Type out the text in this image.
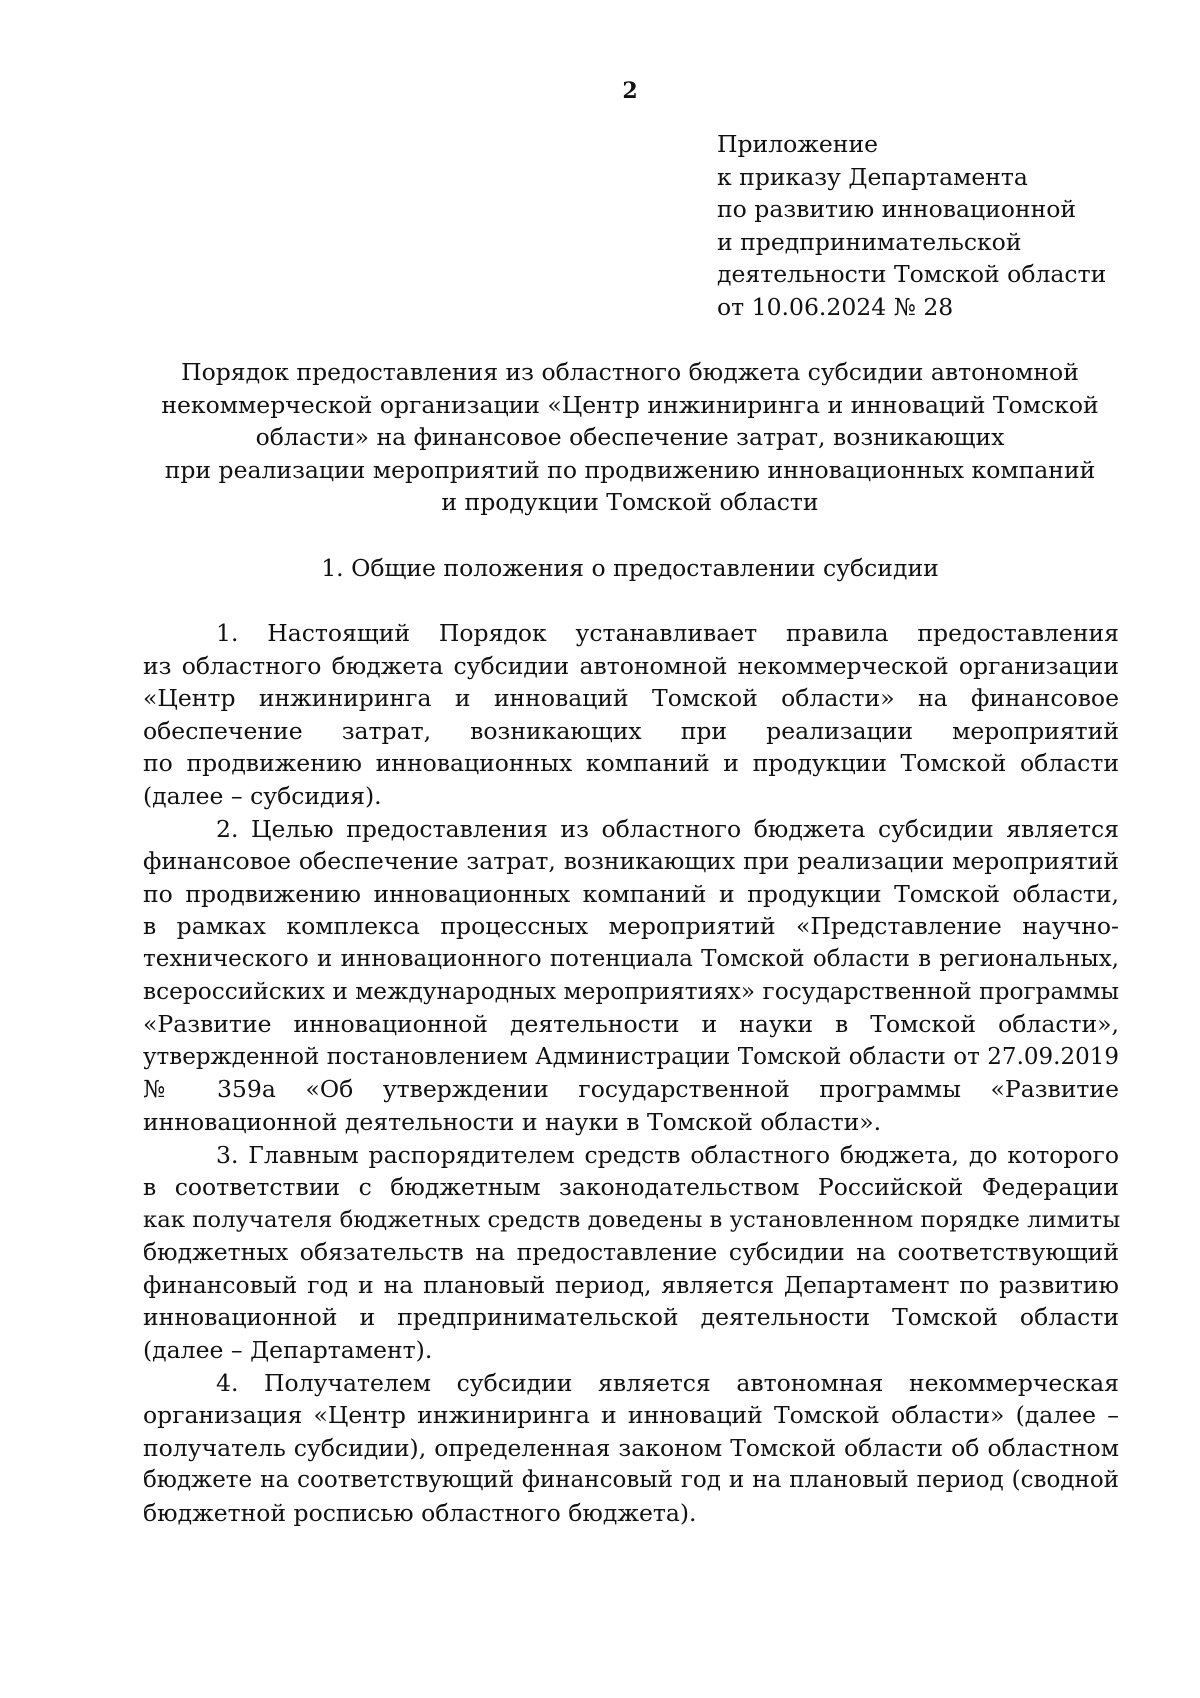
2
Приложение
к приказу Департамента
по развитию инновационной
и предпринимательской
деятельности Томской области
от 10.06.2024 № 28
Порядок предоставления из областного бюджета субсидии автономной
некоммерческой организации «Центр инжиниринга и инноваций Томской
области» на финансовое обеспечение затрат, возникающих
при реализации мероприятий по продвижению инновационных компаний
и продукции Томской области
1. Общие положения о предоставлении субсидии
1. Настоящий Порядок устанавливает правила предоставления
из областного бюджета субсидии автономной некоммерческой организации
«Центр инжиниринга и инноваций Томской области» на финансовое
обеспечение затрат, возникающих при реализации мероприятий
по продвижению инновационных компаний и продукции Томской области
(далее – субсидия).
2. Целью предоставления из областного бюджета субсидии является
финансовое обеспечение затрат, возникающих при реализации мероприятий
по продвижению инновационных компаний и продукции Томской области,
в рамках комплекса процессных мероприятий «Представление научно-
технического и инновационного потенциала Томской области в региональных,
всероссийских и международных мероприятиях» государственной программы
«Развитие инновационной деятельности и науки в Томской области»,
утвержденной постановлением Администрации Томской области от 27.09.2019
№ 359а «Об утверждении государственной программы «Развитие
инновационной деятельности и науки в Томской области».
3. Главным распорядителем средств областного бюджета, до которого
в соответствии с бюджетным законодательством Российской Федерации
как получателя бюджетных средств доведены в установленном порядке лимиты
бюджетных обязательств на предоставление субсидии на соответствующий
финансовый год и на плановый период, является Департамент по развитию
инновационной и предпринимательской деятельности Томской области
(далее – Департамент).
4. Получателем субсидии является автономная некоммерческая
организация «Центр инжиниринга и инноваций Томской области» (далее –
получатель субсидии), определенная законом Томской области об областном
бюджете на соответствующий финансовый год и на плановый период (сводной
бюджетной росписью областного бюджета).
